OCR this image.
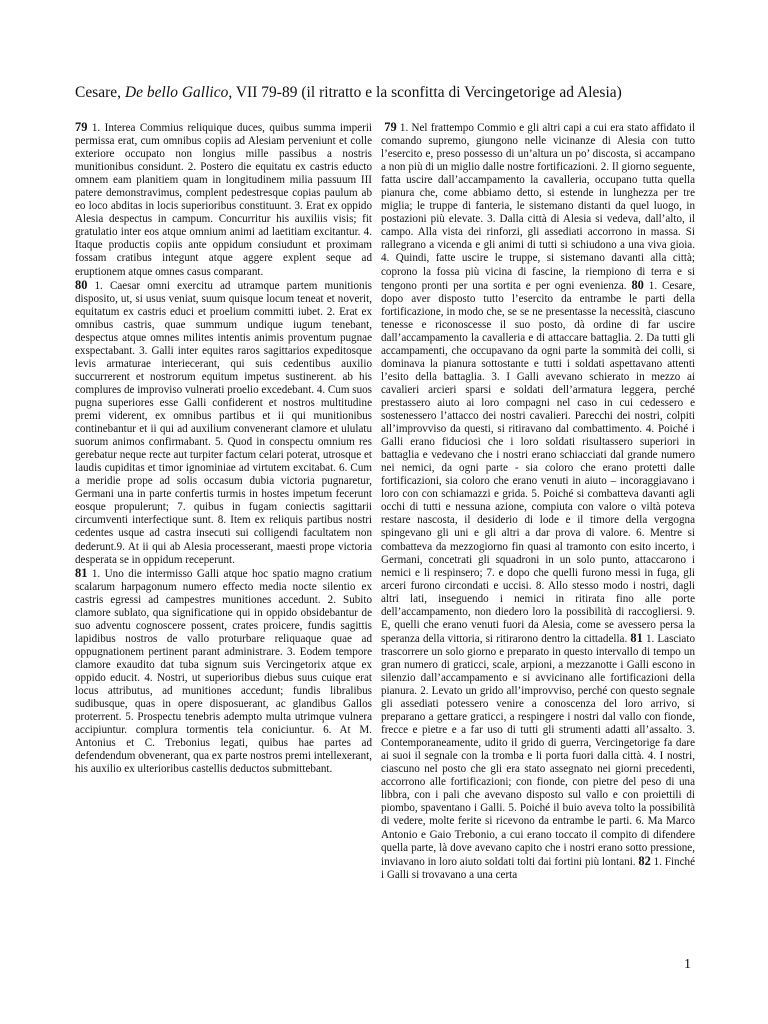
Cesare, De bello Gallico, VII 79-89 (il ritratto e la sconfitta di Vercingetorige ad Alesia)

79 1. Interea Commius reliquique duces, quibus summa imperii permissa erat, cum omnibus copiis ad Alesiam perveniunt et colle exteriore occupato non longius mille passibus a nostris munitionibus considunt. 2. Postero die equitatu ex castris educto omnem eam planitiem quam in longitudinem milia passuum III patere demonstravimus, complent pedestresque copias paulum ab eo loco abditas in locis superioribus constituunt. 3. Erat ex oppido Alesia despectus in campum. Concurritur his auxiliis visis; fit gratulatio inter eos atque omnium animi ad laetitiam excitantur. 4. Itaque productis copiis ante oppidum consiudunt et proximam fossam cratibus integunt atque aggere explent seque ad eruptionem atque omnes casus comparant.
80 1. Caesar omni exercitu ad utramque partem munitionis disposito, ut, si usus veniat, suum quisque locum teneat et noverit, equitatum ex castris educi et proelium committi iubet. 2. Erat ex omnibus castris, quae summum undique iugum tenebant, despectus atque omnes milites intentis animis proventum pugnae exspectabant. 3. Galli inter equites raros sagittarios expeditosque levis armaturae interiecerant, qui suis cedentibus auxilio succurrerent et nostrorum equitum impetus sustinerent. ab his complures de improviso vulnerati proelio excedebant. 4. Cum suos pugna superiores esse Galli confiderent et nostros multitudine premi viderent, ex omnibus partibus et ii qui munitionibus continebantur et ii qui ad auxilium convenerant clamore et ululatu suorum animos confirmabant. 5. Quod in conspectu omnium res gerebatur neque recte aut turpiter factum celari poterat, utrosque et laudis cupiditas et timor ignominiae ad virtutem excitabat. 6. Cum a meridie prope ad solis occasum dubia victoria pugnaretur, Germani una in parte confertis turmis in hostes impetum fecerunt eosque propulerunt; 7. quibus in fugam coniectis sagittarii circumventi interfectique sunt. 8. Item ex reliquis partibus nostri cedentes usque ad castra insecuti sui colligendi facultatem non dederunt.9. At ii qui ab Alesia processerant, maesti prope victoria desperata se in oppidum receperunt.
81 1. Uno die intermisso Galli atque hoc spatio magno cratium scalarum harpagonum numero effecto media nocte silentio ex castris egressi ad campestres munitiones accedunt. 2. Subito clamore sublato, qua significatione qui in oppido obsidebantur de suo adventu cognoscere possent, crates proicere, fundis sagittis lapidibus nostros de vallo proturbare reliquaque quae ad oppugnationem pertinent parant administrare. 3. Eodem tempore clamore exaudito dat tuba signum suis Vercingetorix atque ex oppido educit. 4. Nostri, ut superioribus diebus suus cuique erat locus attributus, ad munitiones accedunt; fundis libralibus sudibusque, quas in opere disposuerant, ac glandibus Gallos proterrent. 5. Prospectu tenebris adempto multa utrimque vulnera accipiuntur. complura tormentis tela coniciuntur. 6. At M. Antonius et C. Trebonius legati, quibus hae partes ad defendendum obvenerant, qua ex parte nostros premi intellexerant, his auxilio ex ulterioribus castellis deductos submittebant.

79 1. Nel frattempo Commio e gli altri capi a cui era stato affidato il comando supremo, giungono nelle vicinanze di Alesia con tutto l’esercito e, preso possesso di un’altura un po’ discosta, si accampano a non più di un miglio dalle nostre fortificazioni. 2. Il giorno seguente, fatta uscire dall’accampamento la cavalleria, occupano tutta quella pianura che, come abbiamo detto, si estende in lunghezza per tre miglia; le truppe di fanteria, le sistemano distanti da quel luogo, in postazioni più elevate. 3. Dalla città di Alesia si vedeva, dall’alto, il campo. Alla vista dei rinforzi, gli assediati accorrono in massa. Si rallegrano a vicenda e gli animi di tutti si schiudono a una viva gioia. 4. Quindi, fatte uscire le truppe, si sistemano davanti alla città; coprono la fossa più vicina di fascine, la riempiono di terra e si tengono pronti per una sortita e per ogni evenienza. 80 1. Cesare, dopo aver disposto tutto l’esercito da entrambe le parti della fortificazione, in modo che, se se ne presentasse la necessità, ciascuno tenesse e riconoscesse il suo posto, dà ordine di far uscire dall’accampamento la cavalleria e di attaccare battaglia. 2. Da tutti gli accampamenti, che occupavano da ogni parte la sommità dei colli, si dominava la pianura sottostante e tutti i soldati aspettavano attenti l’esito della battaglia. 3. I Galli avevano schierato in mezzo ai cavalieri arcieri sparsi e soldati dell’armatura leggera, perché prestassero aiuto ai loro compagni nel caso in cui cedessero e sostenessero l’attacco dei nostri cavalieri. Parecchi dei nostri, colpiti all’improvviso da questi, si ritiravano dal combattimento. 4. Poiché i Galli erano fiduciosi che i loro soldati risultassero superiori in battaglia e vedevano che i nostri erano schiacciati dal grande numero nei nemici, da ogni parte - sia coloro che erano protetti dalle fortificazioni, sia coloro che erano venuti in aiuto – incoraggiavano i loro con con schiamazzi e grida. 5. Poiché si combatteva davanti agli occhi di tutti e nessuna azione, compiuta con valore o viltà poteva restare nascosta, il desiderio di lode e il timore della vergogna spingevano gli uni e gli altri a dar prova di valore. 6. Mentre si combatteva da mezzogiorno fin quasi al tramonto con esito incerto, i Germani, concetrati gli squadroni in un solo punto, attaccarono i nemici e li respinsero; 7. e dopo che quelli furono messi in fuga, gli arceri furono circondati e uccisi. 8. Allo stesso modo i nostri, dagli altri lati, inseguendo i nemici in ritirata fino alle porte dell’accampamento, non diedero loro la possibilità di raccogliersi. 9. E, quelli che erano venuti fuori da Alesia, come se avessero persa la speranza della vittoria, si ritirarono dentro la cittadella. 81 1. Lasciato trascorrere un solo giorno e preparato in questo intervallo di tempo un gran numero di graticci, scale, arpioni, a mezzanotte i Galli escono in silenzio dall’accampamento e si avvicinano alle fortificazioni della pianura. 2. Levato un grido all’improvviso, perché con questo segnale gli assediati potessero venire a conoscenza del loro arrivo, si preparano a gettare graticci, a respingere i nostri dal vallo con fionde, frecce e pietre e a far uso di tutti gli strumenti adatti all’assalto. 3. Contemporaneamente, udito il grido di guerra, Vercingetorige fa dare ai suoi il segnale con la tromba e li porta fuori dalla città. 4. I nostri, ciascuno nel posto che gli era stato assegnato nei giorni precedenti, accorrono alle fortificazioni; con fionde, con pietre del peso di una libbra, con i pali che avevano disposto sul vallo e con proiettili di piombo, spaventano i Galli. 5. Poiché il buio aveva tolto la possibilità di vedere, molte ferite si ricevono da entrambe le parti. 6. Ma Marco Antonio e Gaio Trebonio, a cui erano toccato il compito di difendere quella parte, là dove avevano capito che i nostri erano sotto pressione, inviavano in loro aiuto soldati tolti dai fortini più lontani. 82 1. Finché i Galli si trovavano a una certa

1
